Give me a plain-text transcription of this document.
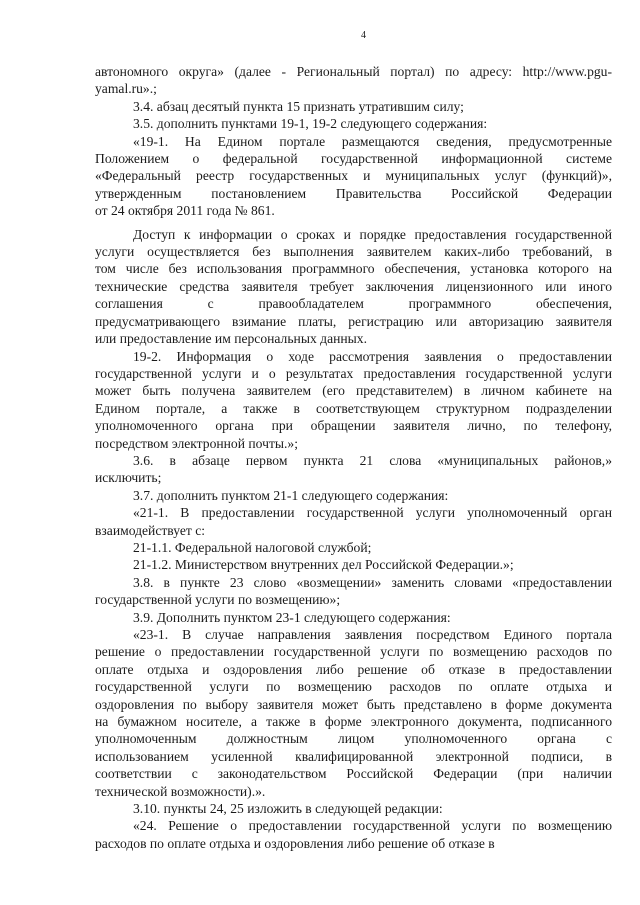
4

автономного округа» (далее - Региональный портал) по адресу: http://www.pgu-

yamal.ru».;

3.4. абзац десятый пункта 15 признать утратившим силу;

3.5. дополнить пунктами 19-1, 19-2 следующего содержания:

«19-1. На Едином портале размещаются сведения, предусмотренные

Положением о федеральной государственной информационной системе

«Федеральный реестр государственных и муниципальных услуг (функций)»,

утвержденным постановлением Правительства Российской Федерации

от 24 октября 2011 года № 861.

Доступ к информации о сроках и порядке предоставления государственной

услуги осуществляется без выполнения заявителем каких-либо требований, в

том числе без использования программного обеспечения, установка которого на

технические средства заявителя требует заключения лицензионного или иного

соглашения с правообладателем программного обеспечения,

предусматривающего взимание платы, регистрацию или авторизацию заявителя

или предоставление им персональных данных.

19-2. Информация о ходе рассмотрения заявления о предоставлении

государственной услуги и о результатах предоставления государственной услуги

может быть получена заявителем (его представителем) в личном кабинете на

Едином портале, а также в соответствующем структурном подразделении

уполномоченного органа при обращении заявителя лично, по телефону,

посредством электронной почты.»;

3.6. в абзаце первом пункта 21 слова «муниципальных районов,»

исключить;

3.7. дополнить пунктом 21-1 следующего содержания:

«21-1. В предоставлении государственной услуги уполномоченный орган

взаимодействует с:

21-1.1. Федеральной налоговой службой;

21-1.2. Министерством внутренних дел Российской Федерации.»;

3.8. в пункте 23 слово «возмещении» заменить словами «предоставлении

государственной услуги по возмещению»;

3.9. Дополнить пунктом 23-1 следующего содержания:

«23-1. В случае направления заявления посредством Единого портала

решение о предоставлении государственной услуги по возмещению расходов по

оплате отдыха и оздоровления либо решение об отказе в предоставлении

государственной услуги по возмещению расходов по оплате отдыха и

оздоровления по выбору заявителя может быть представлено в форме документа

на бумажном носителе, а также в форме электронного документа, подписанного

уполномоченным должностным лицом уполномоченного органа с

использованием усиленной квалифицированной электронной подписи, в

соответствии с законодательством Российской Федерации (при наличии

технической возможности).».

3.10. пункты 24, 25 изложить в следующей редакции:

«24. Решение о предоставлении государственной услуги по возмещению

расходов по оплате отдыха и оздоровления либо решение об отказе в
